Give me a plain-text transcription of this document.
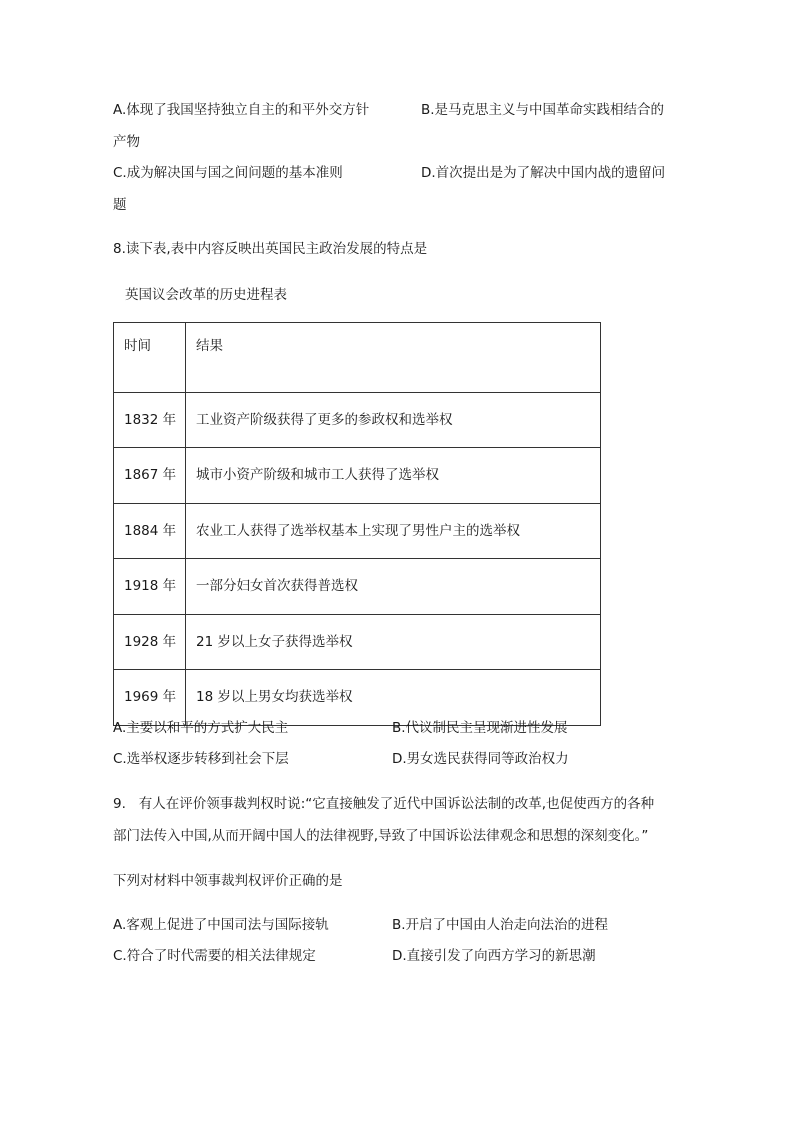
A.体现了我国坚持独立自主的和平外交方针	B.是马克思主义与中国革命实践相结合的
产物
C.成为解决国与国之间问题的基本准则	D.首次提出是为了解决中国内战的遗留问
题
8.读下表,表中内容反映出英国民主政治发展的特点是
英国议会改革的历史进程表
时间	结果
1832 年	工业资产阶级获得了更多的参政权和选举权
1867 年	城市小资产阶级和城市工人获得了选举权
1884 年	农业工人获得了选举权基本上实现了男性户主的选举权
1918 年	一部分妇女首次获得普选权
1928 年	21 岁以上女子获得选举权
1969 年	18 岁以上男女均获选举权
A.主要以和平的方式扩大民主	B.代议制民主呈现渐进性发展
C.选举权逐步转移到社会下层	D.男女选民获得同等政治权力
9.   有人在评价领事裁判权时说:“它直接触发了近代中国诉讼法制的改革,也促使西方的各种
部门法传入中国,从而开阔中国人的法律视野,导致了中国诉讼法律观念和思想的深刻变化。”
下列对材料中领事裁判权评价正确的是
A.客观上促进了中国司法与国际接轨	B.开启了中国由人治走向法治的进程
C.符合了时代需要的相关法律规定	D.直接引发了向西方学习的新思潮
